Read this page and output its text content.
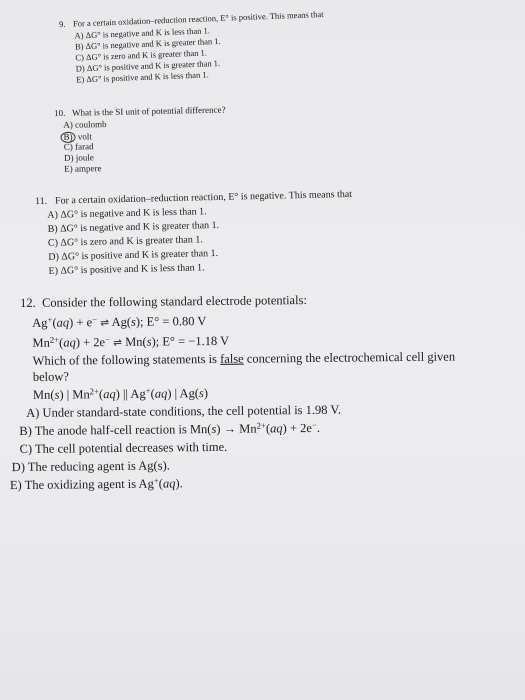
9. For a certain oxidation–reduction reaction, E° is positive. This means that
A) ΔG° is negative and K is less than 1.
B) ΔG° is negative and K is greater than 1.
C) ΔG° is zero and K is greater than 1.
D) ΔG° is positive and K is greater than 1.
E) ΔG° is positive and K is less than 1.
10. What is the SI unit of potential difference?
A) coulomb
B) volt
C) farad
D) joule
E) ampere
11. For a certain oxidation–reduction reaction, E° is negative. This means that
A) ΔG° is negative and K is less than 1.
B) ΔG° is negative and K is greater than 1.
C) ΔG° is zero and K is greater than 1.
D) ΔG° is positive and K is greater than 1.
E) ΔG° is positive and K is less than 1.
12. Consider the following standard electrode potentials:
Ag+(aq) + e− ⇌ Ag(s); E° = 0.80 V
$Mn^{2+}(aq) + 2e^-$ ⇌ Mn(s); E° = −1.18 V
Which of the following statements is false concerning the electrochemical cell given
below?
Mn(s) | $Mn^{2+}(aq)$ || Ag+(aq) | Ag(s)
A) Under standard-state conditions, the cell potential is 1.98 V.
B) The anode half-cell reaction is $Mn(s) \to Mn^{2+}(aq) + 2e^-$.
C) The cell potential decreases with time.
D) The reducing agent is Ag(s).
E) The oxidizing agent is Ag+(aq).
